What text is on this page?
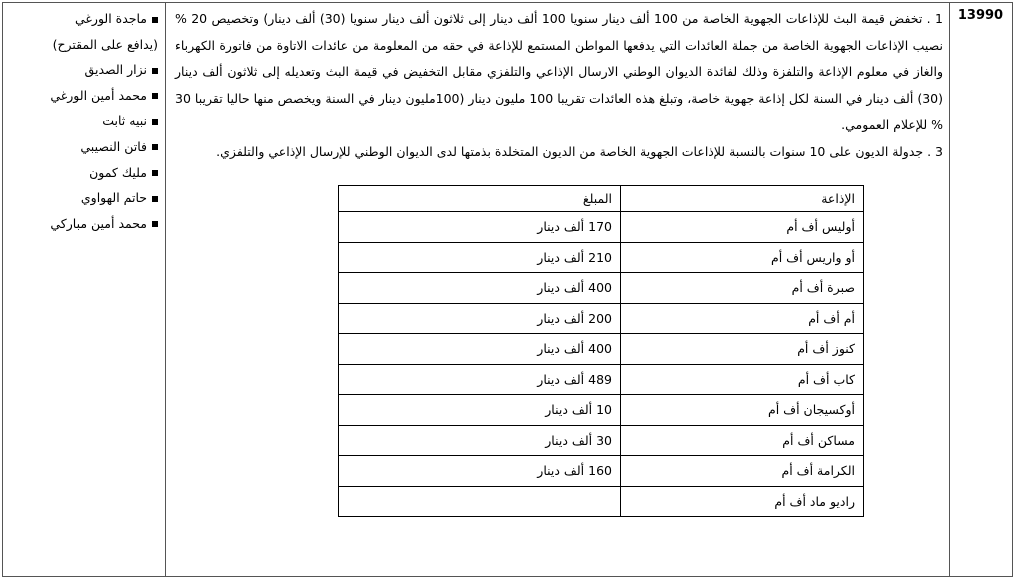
13990

1 . تخفض قيمة البث للإذاعات الجهوية الخاصة من 100 ألف دينار سنويا 100 ألف دينار إلى ثلاثون ألف دينار سنويا (30) ألف دينار) وتخصيص 20 % نصيب الإذاعات الجهوية الخاصة من جملة العائدات التي يدفعها المواطن المستمع للإذاعة في حقه من المعلومة من عائدات الاتاوة من فاتورة الكهرباء والغاز في معلوم الإذاعة والتلفزة وذلك لفائدة الديوان الوطني الارسال الإذاعي والتلفزي مقابل التخفيض في قيمة البث وتعديله إلى ثلاثون ألف دينار (30) ألف دينار في السنة لكل إذاعة جهوية خاصة، وتبلغ هذه العائدات تقريبا 100 مليون دينار (100مليون دينار في السنة ويخصص منها حاليا تقريبا 30 % للإعلام العمومي.

3 . جدولة الديون على 10 سنوات بالنسبة للإذاعات الجهوية الخاصة من الديون المتخلدة بذمتها لدى الديوان الوطني للإرسال الإذاعي والتلفزي.

الإذاعة	المبلغ
أوليس أف أم	170 ألف دينار
أو واريس أف أم	210 ألف دينار
صبرة أف أم	400 ألف دينار
أم أف أم	200 ألف دينار
كنوز أف أم	400 ألف دينار
كاب أف أم	489 ألف دينار
أوكسيجان أف أم	10 ألف دينار
مساكن أف أم	30 ألف دينار
الكرامة أف أم	160 ألف دينار
راديو ماد أف أم	
ماجدة الورغي
(يدافع على المقترح)
نزار الصديق
محمد أمين الورغي
نبيه ثابت
فاتن النصيبي
مليك كمون
حاتم الهواوي
محمد أمين مباركي
